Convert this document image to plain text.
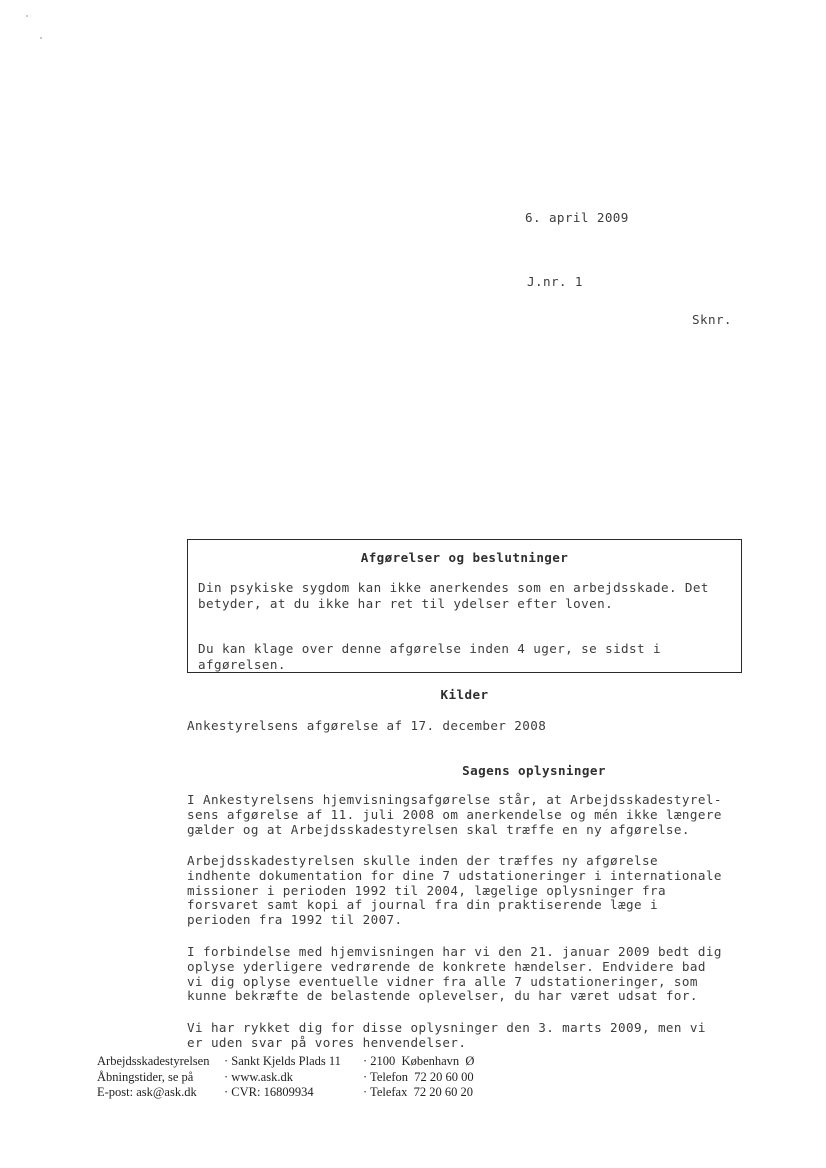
6. april 2009
J.nr. 1
Sknr.
Afgørelser og beslutninger
Din psykiske sygdom kan ikke anerkendes som en arbejdsskade. Det betyder, at du ikke har ret til ydelser efter loven.
Du kan klage over denne afgørelse inden 4 uger, se sidst i afgørelsen.
Kilder
Ankestyrelsens afgørelse af 17. december 2008
Sagens oplysninger
I Ankestyrelsens hjemvisningsafgørelse står, at Arbejdsskadestyrel-
sens afgørelse af 11. juli 2008 om anerkendelse og mén ikke længere
gælder og at Arbejdsskadestyrelsen skal træffe en ny afgørelse.
Arbejdsskadestyrelsen skulle inden der træffes ny afgørelse
indhente dokumentation for dine 7 udstationeringer i internationale
missioner i perioden 1992 til 2004, lægelige oplysninger fra
forsvaret samt kopi af journal fra din praktiserende læge i
perioden fra 1992 til 2007.
I forbindelse med hjemvisningen har vi den 21. januar 2009 bedt dig
oplyse yderligere vedrørende de konkrete hændelser. Endvidere bad
vi dig oplyse eventuelle vidner fra alle 7 udstationeringer, som
kunne bekræfte de belastende oplevelser, du har været udsat for.
Vi har rykket dig for disse oplysninger den 3. marts 2009, men vi
er uden svar på vores henvendelser.
Arbejdsskadestyrelsen	· Sankt Kjelds Plads 11	· 2100  København  Ø
Åbningstider, se på	· www.ask.dk	· Telefon  72 20 60 00
E-post: ask@ask.dk	· CVR: 16809934	· Telefax  72 20 60 20
